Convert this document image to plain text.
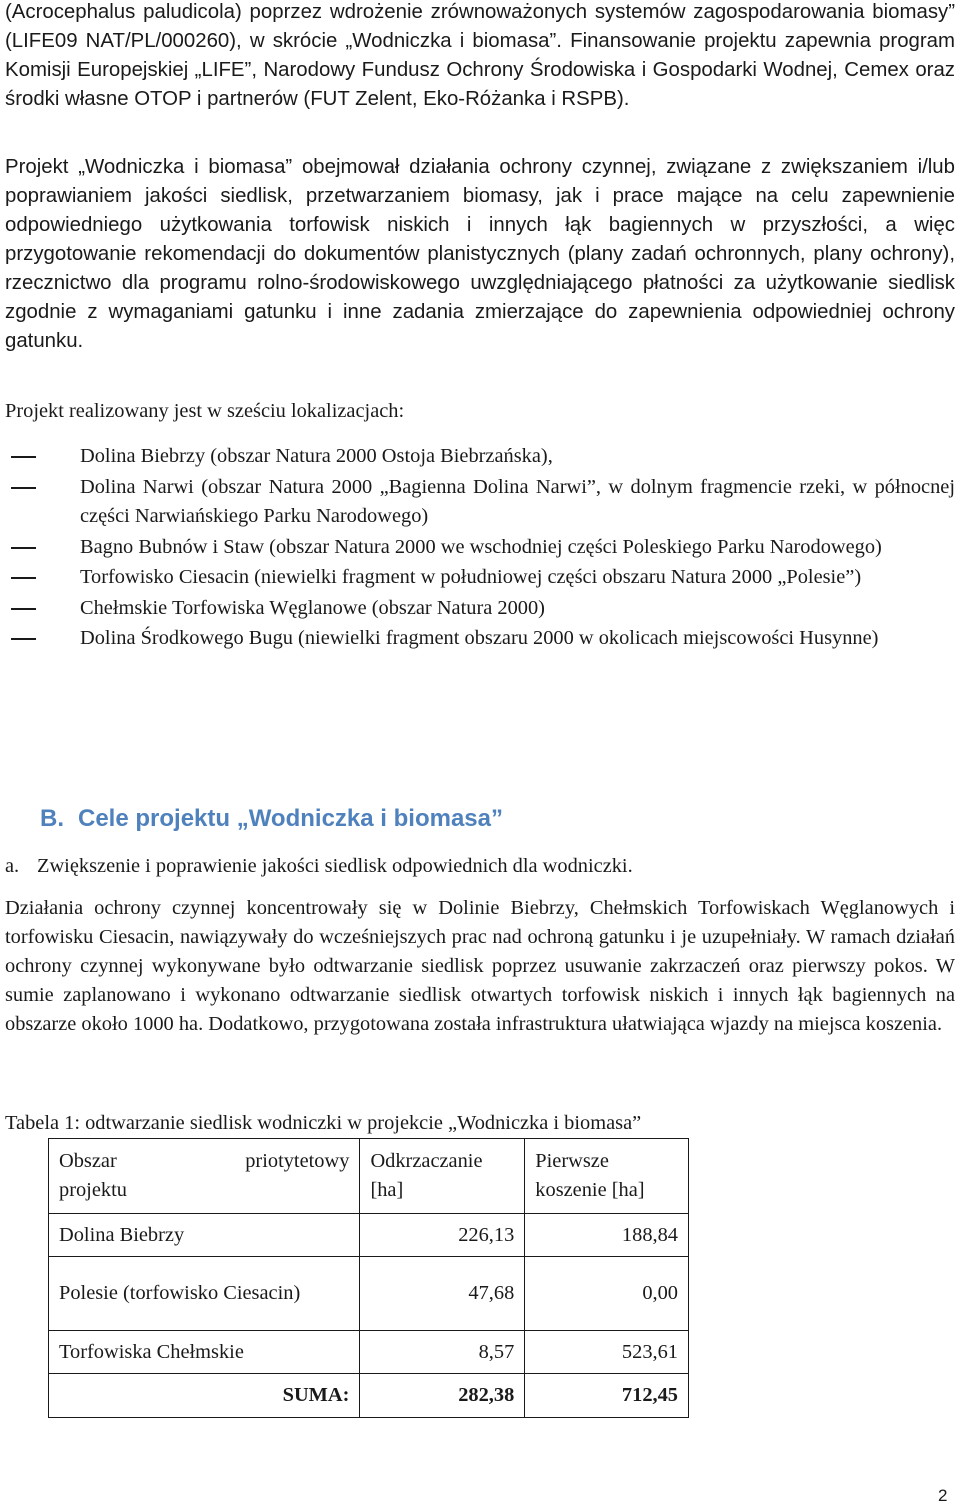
(Acrocephalus paludicola) poprzez wdrożenie zrównoważonych systemów zagospodarowania biomasy” (LIFE09 NAT/PL/000260), w skrócie „Wodniczka i biomasa”. Finansowanie projektu zapewnia program Komisji Europejskiej „LIFE”, Narodowy Fundusz Ochrony Środowiska i Gospodarki Wodnej, Cemex oraz środki własne OTOP i partnerów (FUT Zelent, Eko-Różanka i RSPB).

Projekt „Wodniczka i biomasa” obejmował działania ochrony czynnej, związane z zwiększaniem i/lub poprawianiem jakości siedlisk, przetwarzaniem biomasy, jak i prace mające na celu zapewnienie odpowiedniego użytkowania torfowisk niskich i innych łąk bagiennych w przyszłości, a więc przygotowanie rekomendacji do dokumentów planistycznych (plany zadań ochronnych, plany ochrony), rzecznictwo dla programu rolno-środowiskowego uwzględniającego płatności za użytkowanie siedlisk zgodnie z wymaganiami gatunku i inne zadania zmierzające do zapewnienia odpowiedniej ochrony gatunku.

Projekt realizowany jest w sześciu lokalizacjach:

Dolina Biebrzy (obszar Natura 2000 Ostoja Biebrzańska),
Dolina Narwi (obszar Natura 2000 „Bagienna Dolina Narwi”, w dolnym fragmencie rzeki, w północnej części Narwiańskiego Parku Narodowego)
Bagno Bubnów i Staw (obszar Natura 2000 we wschodniej części Poleskiego Parku Narodowego)
Torfowisko Ciesacin (niewielki fragment w południowej części obszaru Natura 2000 „Polesie”)
Chełmskie Torfowiska Węglanowe (obszar Natura 2000)
Dolina Środkowego Bugu (niewielki fragment obszaru 2000 w okolicach miejscowości Husynne)
B. Cele projektu „Wodniczka i biomasa”

a. Zwiększenie i poprawienie jakości siedlisk odpowiednich dla wodniczki.

Działania ochrony czynnej koncentrowały się w Dolinie Biebrzy, Chełmskich Torfowiskach Węglanowych i torfowisku Ciesacin, nawiązywały do wcześniejszych prac nad ochroną gatunku i je uzupełniały. W ramach działań ochrony czynnej wykonywane było odtwarzanie siedlisk poprzez usuwanie zakrzaczeń oraz pierwszy pokos. W sumie zaplanowano i wykonano odtwarzanie siedlisk otwartych torfowisk niskich i innych łąk bagiennych na obszarze około 1000 ha. Dodatkowo, przygotowana została infrastruktura ułatwiająca wjazdy na miejsca koszenia.

Tabela 1: odtwarzanie siedlisk wodniczki w projekcie „Wodniczka i biomasa”

Obszar priotytetowy
projektu	Odkrzaczanie [ha]	Pierwsze koszenie [ha]
Dolina Biebrzy	226,13	188,84
Polesie (torfowisko Ciesacin)	47,68	0,00
Torfowiska Chełmskie	8,57	523,61
SUMA:	282,38	712,45
2
